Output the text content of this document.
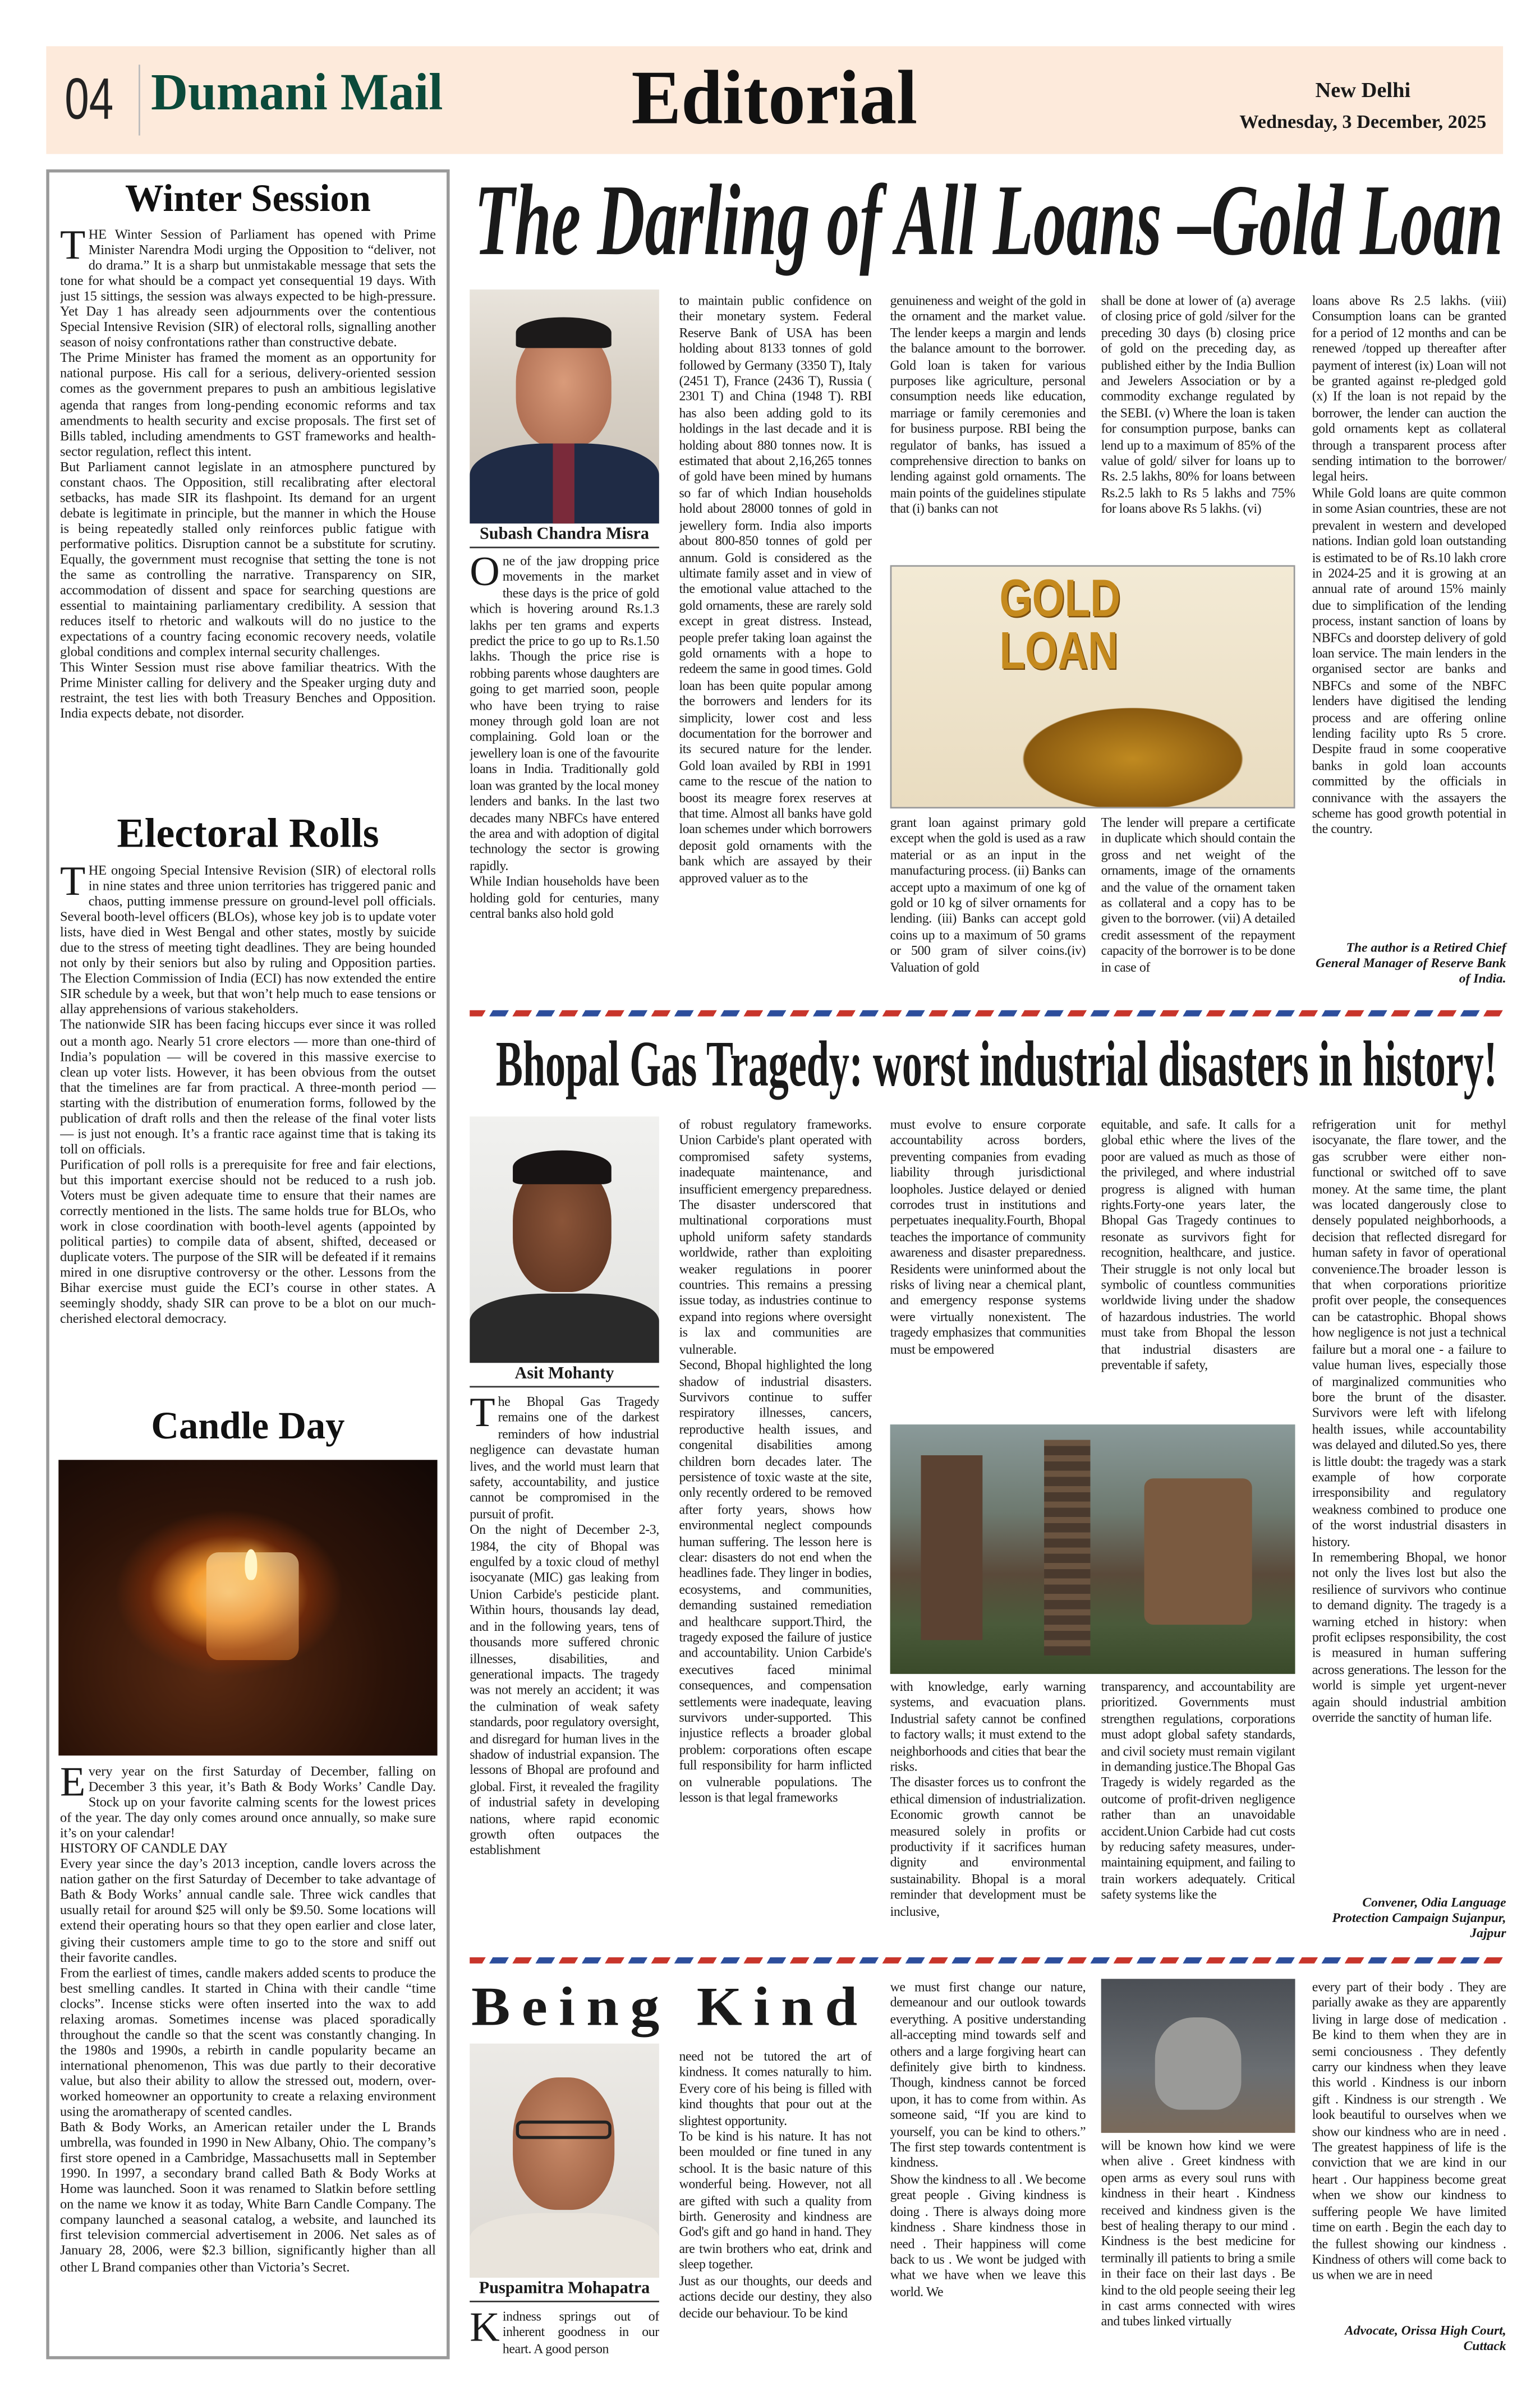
04 Dumani Mail	Editorial	New Delhi
Wednesday, 3 December, 2025
Winter Session
THE Winter Session of Parliament has opened with Prime Minister Narendra Modi urging the Opposition to “deliver, not do drama.” It is a sharp but unmistakable message that sets the tone for what should be a compact yet consequential 19 days. With just 15 sittings, the session was always expected to be high-pressure. Yet Day 1 has already seen adjournments over the contentious Special Intensive Revision (SIR) of electoral rolls, signalling another season of noisy confrontations rather than constructive debate.
The Prime Minister has framed the moment as an opportunity for national purpose. His call for a serious, delivery-oriented session comes as the government prepares to push an ambitious legislative agenda that ranges from long-pending economic reforms and tax amendments to health security and excise proposals. The first set of Bills tabled, including amendments to GST frameworks and health-sector regulation, reflect this intent.
But Parliament cannot legislate in an atmosphere punctured by constant chaos. The Opposition, still recalibrating after electoral setbacks, has made SIR its flashpoint. Its demand for an urgent debate is legitimate in principle, but the manner in which the House is being repeatedly stalled only reinforces public fatigue with performative politics. Disruption cannot be a substitute for scrutiny. Equally, the government must recognise that setting the tone is not the same as controlling the narrative. Transparency on SIR, accommodation of dissent and space for searching questions are essential to maintaining parliamentary credibility. A session that reduces itself to rhetoric and walkouts will do no justice to the expectations of a country facing economic recovery needs, volatile global conditions and complex internal security challenges.
This Winter Session must rise above familiar theatrics. With the Prime Minister calling for delivery and the Speaker urging duty and restraint, the test lies with both Treasury Benches and Opposition. India expects debate, not disorder.
Electoral Rolls
THE ongoing Special Intensive Revision (SIR) of electoral rolls in nine states and three union territories has triggered panic and chaos, putting immense pressure on ground-level poll officials. Several booth-level officers (BLOs), whose key job is to update voter lists, have died in West Bengal and other states, mostly by suicide due to the stress of meeting tight deadlines. They are being hounded not only by their seniors but also by ruling and Opposition parties. The Election Commission of India (ECI) has now extended the entire SIR schedule by a week, but that won’t help much to ease tensions or allay apprehensions of various stakeholders.
The nationwide SIR has been facing hiccups ever since it was rolled out a month ago. Nearly 51 crore electors — more than one-third of India’s population — will be covered in this massive exercise to clean up voter lists. However, it has been obvious from the outset that the timelines are far from practical. A three-month period — starting with the distribution of enumeration forms, followed by the publication of draft rolls and then the release of the final voter lists — is just not enough. It’s a frantic race against time that is taking its toll on officials.
Purification of poll rolls is a prerequisite for free and fair elections, but this important exercise should not be reduced to a rush job. Voters must be given adequate time to ensure that their names are correctly mentioned in the lists. The same holds true for BLOs, who work in close coordination with booth-level agents (appointed by political parties) to compile data of absent, shifted, deceased or duplicate voters. The purpose of the SIR will be defeated if it remains mired in one disruptive controversy or the other. Lessons from the Bihar exercise must guide the ECI’s course in other states. A seemingly shoddy, shady SIR can prove to be a blot on our much-cherished electoral democracy.
Candle Day
Every year on the first Saturday of December, falling on December 3 this year, it’s Bath & Body Works’ Candle Day. Stock up on your favorite calming scents for the lowest prices of the year. The day only comes around once annually, so make sure it’s on your calendar!
HISTORY OF CANDLE DAY
Every year since the day’s 2013 inception, candle lovers across the nation gather on the first Saturday of December to take advantage of Bath & Body Works’ annual candle sale. Three wick candles that usually retail for around $25 will only be $9.50. Some locations will extend their operating hours so that they open earlier and close later, giving their customers ample time to go to the store and sniff out their favorite candles.
From the earliest of times, candle makers added scents to produce the best smelling candles. It started in China with their candle “time clocks”. Incense sticks were often inserted into the wax to add relaxing aromas. Sometimes incense was placed sporadically throughout the candle so that the scent was constantly changing. In the 1980s and 1990s, a rebirth in candle popularity became an international phenomenon, This was due partly to their decorative value, but also their ability to allow the stressed out, modern, over-worked homeowner an opportunity to create a relaxing environment using the aromatherapy of scented candles.
Bath & Body Works, an American retailer under the L Brands umbrella, was founded in 1990 in New Albany, Ohio. The company’s first store opened in a Cambridge, Massachusetts mall in September 1990. In 1997, a secondary brand called Bath & Body Works at Home was launched. Soon it was renamed to Slatkin before settling on the name we know it as today, White Barn Candle Company. The company launched a seasonal catalog, a website, and launched its first television commercial advertisement in 2006. Net sales as of January 28, 2006, were $2.3 billion, significantly higher than all other L Brand companies other than Victoria’s Secret.
The Darling of All Loans –Gold Loan
Subash Chandra Misra
One of the jaw dropping price movements in the market these days is the price of gold which is hovering around Rs.1.3 lakhs per ten grams and experts predict the price to go up to Rs.1.50 lakhs. Though the price rise is robbing parents whose daughters are going to get married soon, people who have been trying to raise money through gold loan are not complaining. Gold loan or the jewellery loan is one of the favourite loans in India. Traditionally gold loan was granted by the local money lenders and banks. In the last two decades many NBFCs have entered the area and with adoption of digital technology the sector is growing rapidly.
While Indian households have been holding gold for centuries, many central banks also hold gold
to maintain public confidence on their monetary system. Federal Reserve Bank of USA has been holding about 8133 tonnes of gold followed by Germany (3350 T), Italy (2451 T), France (2436 T), Russia ( 2301 T) and China (1948 T). RBI has also been adding gold to its holdings in the last decade and it is holding about 880 tonnes now. It is estimated that about 2,16,265 tonnes of gold have been mined by humans so far of which Indian households hold about 28000 tonnes of gold in jewellery form. India also imports about 800-850 tonnes of gold per annum. Gold is considered as the ultimate family asset and in view of the emotional value attached to the gold ornaments, these are rarely sold except in great distress. Instead, people prefer taking loan against the gold ornaments with a hope to redeem the same in good times. Gold loan has been quite popular among the borrowers and lenders for its simplicity, lower cost and less documentation for the borrower and its secured nature for the lender. Gold loan availed by RBI in 1991 came to the rescue of the nation to boost its meagre forex reserves at that time. Almost all banks have gold loan schemes under which borrowers deposit gold ornaments with the bank which are assayed by their approved valuer as to the
genuineness and weight of the gold in the ornament and the market value. The lender keeps a margin and lends the balance amount to the borrower. Gold loan is taken for various purposes like agriculture, personal consumption needs like education, marriage or family ceremonies and for business purpose. RBI being the regulator of banks, has issued a comprehensive direction to banks on lending against gold ornaments. The main points of the guidelines stipulate that (i) banks can not
shall be done at lower of (a) average of closing price of gold /silver for the preceding 30 days (b) closing price of gold on the preceding day, as published either by the India Bullion and Jewelers Association or by a commodity exchange regulated by the SEBI. (v) Where the loan is taken for consumption purpose, banks can lend up to a maximum of 85% of the value of gold/ silver for loans up to Rs. 2.5 lakhs, 80% for loans between Rs.2.5 lakh to Rs 5 lakhs and 75% for loans above Rs 5 lakhs. (vi)
GOLD LOAN
grant loan against primary gold except when the gold is used as a raw material or as an input in the manufacturing process. (ii) Banks can accept upto a maximum of one kg of gold or 10 kg of silver ornaments for lending. (iii) Banks can accept gold coins up to a maximum of 50 grams or 500 gram of silver coins.(iv) Valuation of gold
The lender will prepare a certificate in duplicate which should contain the gross and net weight of the ornaments, image of the ornaments and the value of the ornament taken as collateral and a copy has to be given to the borrower. (vii) A detailed credit assessment of the repayment capacity of the borrower is to be done in case of
loans above Rs 2.5 lakhs. (viii) Consumption loans can be granted for a period of 12 months and can be renewed /topped up thereafter after payment of interest (ix) Loan will not be granted against re-pledged gold (x) If the loan is not repaid by the borrower, the lender can auction the gold ornaments kept as collateral through a transparent process after sending intimation to the borrower/ legal heirs.
While Gold loans are quite common in some Asian countries, these are not prevalent in western and developed nations. Indian gold loan outstanding is estimated to be of Rs.10 lakh crore in 2024-25 and it is growing at an annual rate of around 15% mainly due to simplification of the lending process, instant sanction of loans by NBFCs and doorstep delivery of gold loan service. The main lenders in the organised sector are banks and NBFCs and some of the NBFC lenders have digitised the lending process and are offering online lending facility upto Rs 5 crore. Despite fraud in some cooperative banks in gold loan accounts committed by the officials in connivance with the assayers the scheme has good growth potential in the country.
The author is a Retired Chief General Manager of Reserve Bank of India.
Bhopal Gas Tragedy: worst industrial disasters in history!
Asit Mohanty
The Bhopal Gas Tragedy remains one of the darkest reminders of how industrial negligence can devastate human lives, and the world must learn that safety, accountability, and justice cannot be compromised in the pursuit of profit.
On the night of December 2-3, 1984, the city of Bhopal was engulfed by a toxic cloud of methyl isocyanate (MIC) gas leaking from Union Carbide's pesticide plant. Within hours, thousands lay dead, and in the following years, tens of thousands more suffered chronic illnesses, disabilities, and generational impacts. The tragedy was not merely an accident; it was the culmination of weak safety standards, poor regulatory oversight, and disregard for human lives in the shadow of industrial expansion. The lessons of Bhopal are profound and global. First, it revealed the fragility of industrial safety in developing nations, where rapid economic growth often outpaces the establishment
of robust regulatory frameworks. Union Carbide's plant operated with compromised safety systems, inadequate maintenance, and insufficient emergency preparedness. The disaster underscored that multinational corporations must uphold uniform safety standards worldwide, rather than exploiting weaker regulations in poorer countries. This remains a pressing issue today, as industries continue to expand into regions where oversight is lax and communities are vulnerable.
Second, Bhopal highlighted the long shadow of industrial disasters. Survivors continue to suffer respiratory illnesses, cancers, reproductive health issues, and congenital disabilities among children born decades later. The persistence of toxic waste at the site, only recently ordered to be removed after forty years, shows how environmental neglect compounds human suffering. The lesson here is clear: disasters do not end when the headlines fade. They linger in bodies, ecosystems, and communities, demanding sustained remediation and healthcare support.Third, the tragedy exposed the failure of justice and accountability. Union Carbide's executives faced minimal consequences, and compensation settlements were inadequate, leaving survivors under-supported. This injustice reflects a broader global problem: corporations often escape full responsibility for harm inflicted on vulnerable populations. The lesson is that legal frameworks
must evolve to ensure corporate accountability across borders, preventing companies from evading liability through jurisdictional loopholes. Justice delayed or denied corrodes trust in institutions and perpetuates inequality.Fourth, Bhopal teaches the importance of community awareness and disaster preparedness. Residents were uninformed about the risks of living near a chemical plant, and emergency response systems were virtually nonexistent. The tragedy emphasizes that communities must be empowered
equitable, and safe. It calls for a global ethic where the lives of the poor are valued as much as those of the privileged, and where industrial progress is aligned with human rights.Forty-one years later, the Bhopal Gas Tragedy continues to resonate as survivors fight for recognition, healthcare, and justice. Their struggle is not only local but symbolic of countless communities worldwide living under the shadow of hazardous industries. The world must take from Bhopal the lesson that industrial disasters are preventable if safety,
with knowledge, early warning systems, and evacuation plans. Industrial safety cannot be confined to factory walls; it must extend to the neighborhoods and cities that bear the risks.
The disaster forces us to confront the ethical dimension of industrialization. Economic growth cannot be measured solely in profits or productivity if it sacrifices human dignity and environmental sustainability. Bhopal is a moral reminder that development must be inclusive,
transparency, and accountability are prioritized. Governments must strengthen regulations, corporations must adopt global safety standards, and civil society must remain vigilant in demanding justice.The Bhopal Gas Tragedy is widely regarded as the outcome of profit-driven negligence rather than an unavoidable accident.Union Carbide had cut costs by reducing safety measures, under-maintaining equipment, and failing to train workers adequately. Critical safety systems like the
refrigeration unit for methyl isocyanate, the flare tower, and the gas scrubber were either non-functional or switched off to save money. At the same time, the plant was located dangerously close to densely populated neighborhoods, a decision that reflected disregard for human safety in favor of operational convenience.The broader lesson is that when corporations prioritize profit over people, the consequences can be catastrophic. Bhopal shows how negligence is not just a technical failure but a moral one - a failure to value human lives, especially those of marginalized communities who bore the brunt of the disaster. Survivors were left with lifelong health issues, while accountability was delayed and diluted.So yes, there is little doubt: the tragedy was a stark example of how corporate irresponsibility and regulatory weakness combined to produce one of the worst industrial disasters in history.
In remembering Bhopal, we honor not only the lives lost but also the resilience of survivors who continue to demand dignity. The tragedy is a warning etched in history: when profit eclipses responsibility, the cost is measured in human suffering across generations. The lesson for the world is simple yet urgent-never again should industrial ambition override the sanctity of human life.
Convener, Odia Language Protection Campaign Sujanpur, Jajpur
Being Kind
Puspamitra Mohapatra
Kindness springs out of inherent goodness in our heart. A good person
need not be tutored the art of kindness. It comes naturally to him. Every core of his being is filled with kind thoughts that pour out at the slightest opportunity.
To be kind is his nature. It has not been moulded or fine tuned in any school. It is the basic nature of this wonderful being. However, not all are gifted with such a quality from birth. Generosity and kindness are God's gift and go hand in hand. They are twin brothers who eat, drink and sleep together.
Just as our thoughts, our deeds and actions decide our destiny, they also decide our behaviour. To be kind
we must first change our nature, demeanour and our outlook towards everything. A positive understanding all-accepting mind towards self and others and a large forgiving heart can definitely give birth to kindness. Though, kindness cannot be forced upon, it has to come from within. As someone said, “If you are kind to yourself, you can be kind to others.” The first step towards contentment is kindness.
Show the kindness to all . We become great people . Giving kindness is doing . There is always doing more kindness . Share kindness those in need . Their happiness will come back to us . We wont be judged with what we have when we leave this world. We
will be known how kind we were when alive . Greet kindness with open arms as every soul runs with kindness in their heart . Kindness received and kindness given is the best of healing therapy to our mind . Kindness is the best medicine for terminally ill patients to bring a smile in their face on their last days . Be kind to the old people seeing their leg in cast arms connected with wires and tubes linked virtually
every part of their body . They are parially awake as they are apparently living in large dose of medication . Be kind to them when they are in semi conciousness . They defently carry our kindness when they leave this world . Kindness is our inborn gift . Kindness is our strength . We look beautiful to ourselves when we show our kindness who are in need . The greatest happiness of life is the conviction that we are kind in our heart . Our happiness become great when we show our kindness to suffering people We have limited time on earth . Begin the each day to the fullest showing our kindness . Kindness of others will come back to us when we are in need
Advocate, Orissa High Court, Cuttack
